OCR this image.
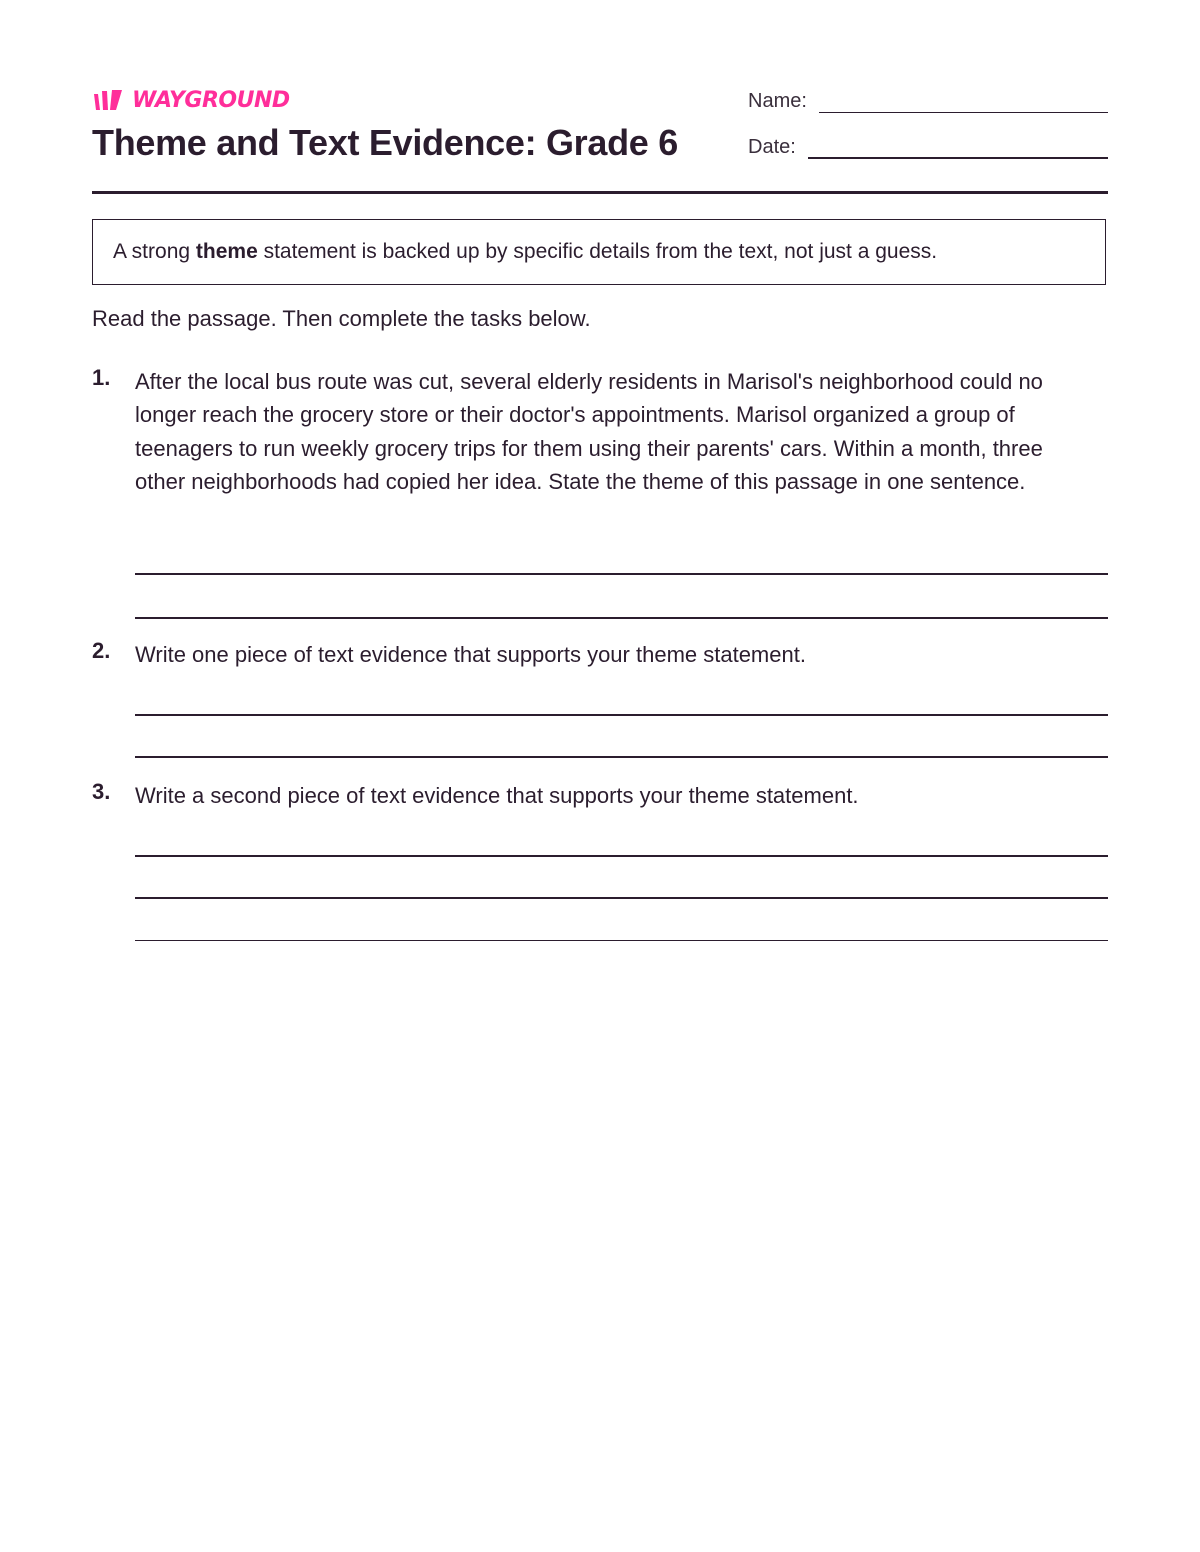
WAYGROUND
Theme and Text Evidence: Grade 6
Name:
Date:
A strong theme statement is backed up by specific details from the text, not just a guess.

Read the passage. Then complete the tasks below.

1. After the local bus route was cut, several elderly residents in Marisol's neighborhood could no longer reach the grocery store or their doctor's appointments. Marisol organized a group of teenagers to run weekly grocery trips for them using their parents' cars. Within a month, three other neighborhoods had copied her idea. State the theme of this passage in one sentence.

2. Write one piece of text evidence that supports your theme statement.

3. Write a second piece of text evidence that supports your theme statement.
